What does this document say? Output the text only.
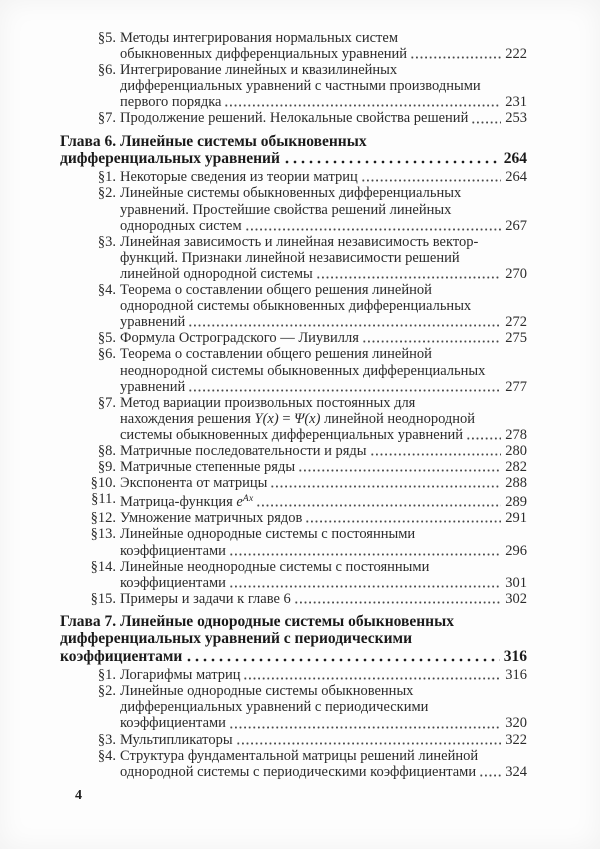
§5. Методы интегрирования нормальных систем
обыкновенных дифференциальных уравнений	222
§6. Интегрирование линейных и квазилинейных
дифференциальных уравнений с частными производными
первого порядка	231
§7. Продолжение решений. Нелокальные свойства решений	253
Глава 6. Линейные системы обыкновенных
дифференциальных уравнений	264
§1. Некоторые сведения из теории матриц	264
§2. Линейные системы обыкновенных дифференциальных
уравнений. Простейшие свойства решений линейных
однородных систем	267
§3. Линейная зависимость и линейная независимость вектор-
функций. Признаки линейной независимости решений
линейной однородной системы	270
§4. Теорема о составлении общего решения линейной
однородной системы обыкновенных дифференциальных
уравнений	272
§5. Формула Остроградского — Лиувилля	275
§6. Теорема о составлении общего решения линейной
неоднородной системы обыкновенных дифференциальных
уравнений	277
§7. Метод вариации произвольных постоянных для
нахождения решения Y(x) = Ψ(x) линейной неоднородной
системы обыкновенных дифференциальных уравнений	278
§8. Матричные последовательности и ряды	280
§9. Матричные степенные ряды	282
§10. Экспонента от матрицы	288
§11. Матрица-функция $e^{Ax}$	289
§12. Умножение матричных рядов	291
§13. Линейные однородные системы с постоянными
коэффициентами	296
§14. Линейные неоднородные системы с постоянными
коэффициентами	301
§15. Примеры и задачи к главе 6	302
Глава 7. Линейные однородные системы обыкновенных
дифференциальных уравнений с периодическими
коэффициентами	316
§1. Логарифмы матриц	316
§2. Линейные однородные системы обыкновенных
дифференциальных уравнений с периодическими
коэффициентами	320
§3. Мультипликаторы	322
§4. Структура фундаментальной матрицы решений линейной
однородной системы с периодическими коэффициентами 324
4
